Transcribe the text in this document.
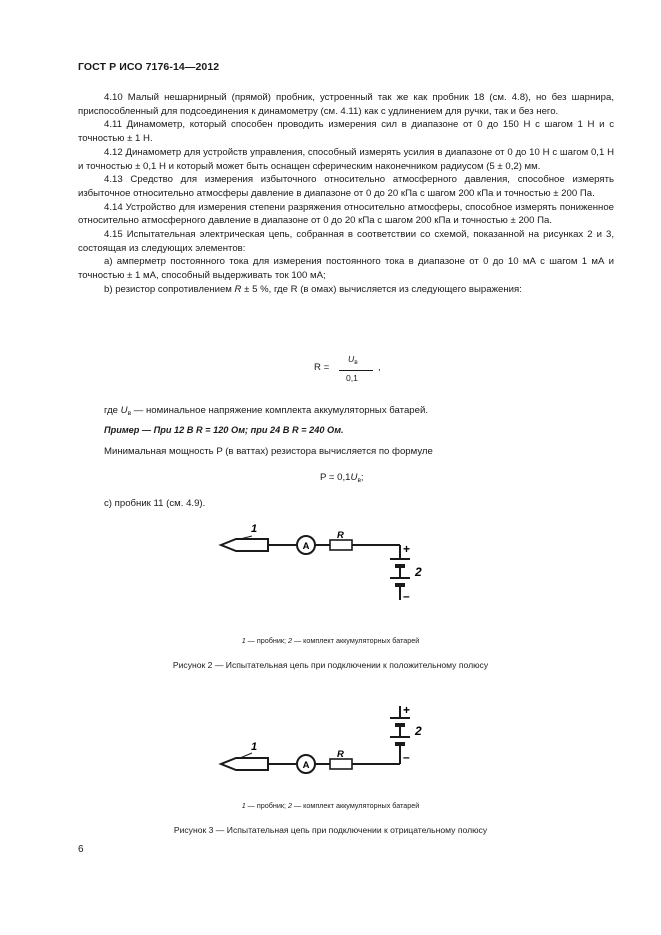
ГОСТ Р ИСО 7176-14—2012

4.10 Малый нешарнирный (прямой) пробник, устроенный так же как пробник 18 (см. 4.8), но без шарнира, приспособленный для подсоединения к динамометру (см. 4.11) как с удлинением для ручки, так и без него.

4.11 Динамометр, который способен проводить измерения сил в диапазоне от 0 до 150 Н с шагом 1 Н и с точностью ± 1 Н.

4.12 Динамометр для устройств управления, способный измерять усилия в диапазоне от 0 до 10 Н с шагом 0,1 Н и точностью ± 0,1 Н и который может быть оснащен сферическим наконечником радиусом (5 ± 0,2) мм.

4.13 Средство для измерения избыточного относительно атмосферного давления, способное измерять избыточное относительно атмосферы давление в диапазоне от 0 до 20 кПа с шагом 200 кПа и точностью ± 200 Па.

4.14 Устройство для измерения степени разряжения относительно атмосферы, способное измерять пониженное относительно атмосферного давление в диапазоне от 0 до 20 кПа с шагом 200 кПа и точностью ± 200 Па.

4.15 Испытательная электрическая цепь, собранная в соответствии со схемой, показанной на рисунках 2 и 3, состоящая из следующих элементов:

a) амперметр постоянного тока для измерения постоянного тока в диапазоне от 0 до 10 мА с шагом 1 мА и точностью ± 1 мА, способный выдерживать ток 100 мА;

b) резистор сопротивлением R ± 5 %, где R (в омах) вычисляется из следующего выражения:

R =
$U_в$
0,1
,
где $U_в$ — номинальное напряжение комплекта аккумуляторных батарей.
Пример — При 12 В R = 120 Ом; при 24 В R = 240 Ом.
Минимальная мощность P (в ваттах) резистора вычисляется по формуле
$P = 0,1U_в$;
с) пробник 11 (см. 4.9).
1
A
R
+
2
–
1
A
R
+
2
–
1 — пробник; 2 — комплект аккумуляторных батарей
Рисунок 2 — Испытательная цепь при подключении к положительному полюсу
1 — пробник; 2 — комплект аккумуляторных батарей
Рисунок 3 — Испытательная цепь при подключении к отрицательному полюсу
6
